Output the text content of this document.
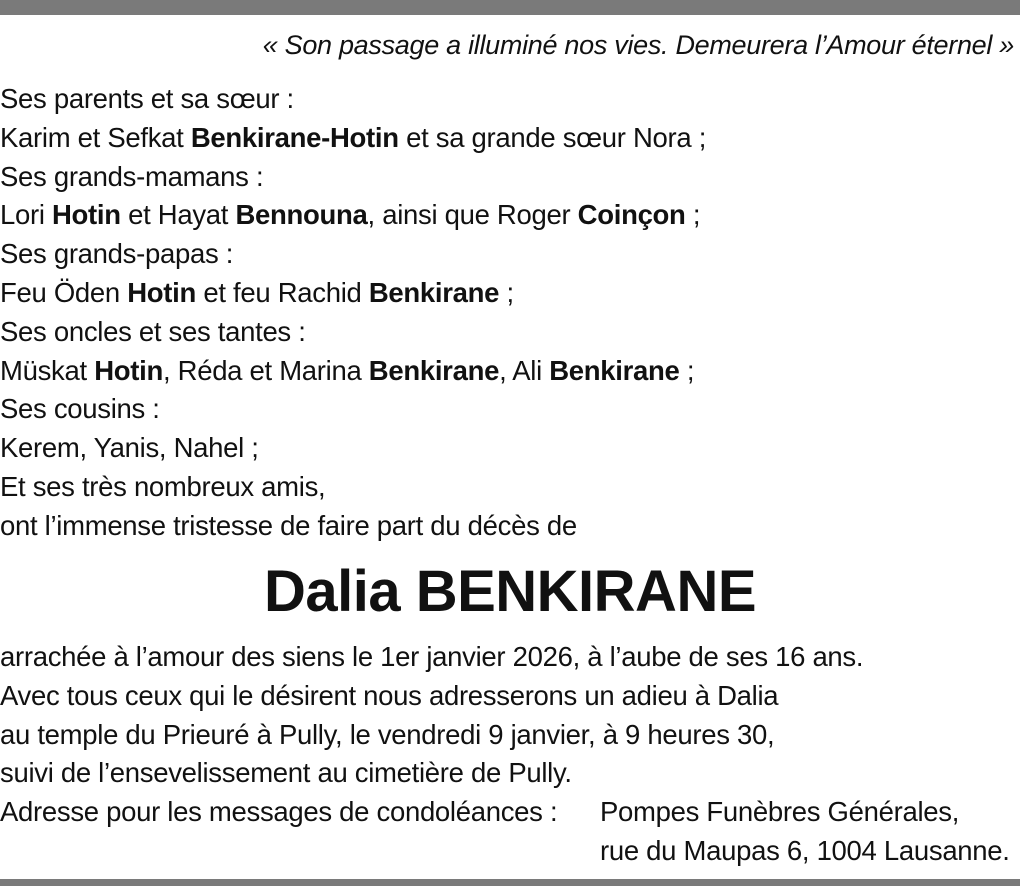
« Son passage a illuminé nos vies. Demeurera l’Amour éternel »
Ses parents et sa sœur :
Karim et Sefkat Benkirane-Hotin et sa grande sœur Nora ;
Ses grands-mamans :
Lori Hotin et Hayat Bennouna, ainsi que Roger Coinçon ;
Ses grands-papas :
Feu Öden Hotin et feu Rachid Benkirane ;
Ses oncles et ses tantes :
Müskat Hotin, Réda et Marina Benkirane, Ali Benkirane ;
Ses cousins :
Kerem, Yanis, Nahel ;
Et ses très nombreux amis,
ont l’immense tristesse de faire part du décès de
Dalia BENKIRANE
arrachée à l’amour des siens le 1er janvier 2026, à l’aube de ses 16 ans.
Avec tous ceux qui le désirent nous adresserons un adieu à Dalia
au temple du Prieuré à Pully, le vendredi 9 janvier, à 9 heures 30,
suivi de l’ensevelissement au cimetière de Pully.
Adresse pour les messages de condoléances :	Pompes Funèbres Générales,
rue du Maupas 6, 1004 Lausanne.
